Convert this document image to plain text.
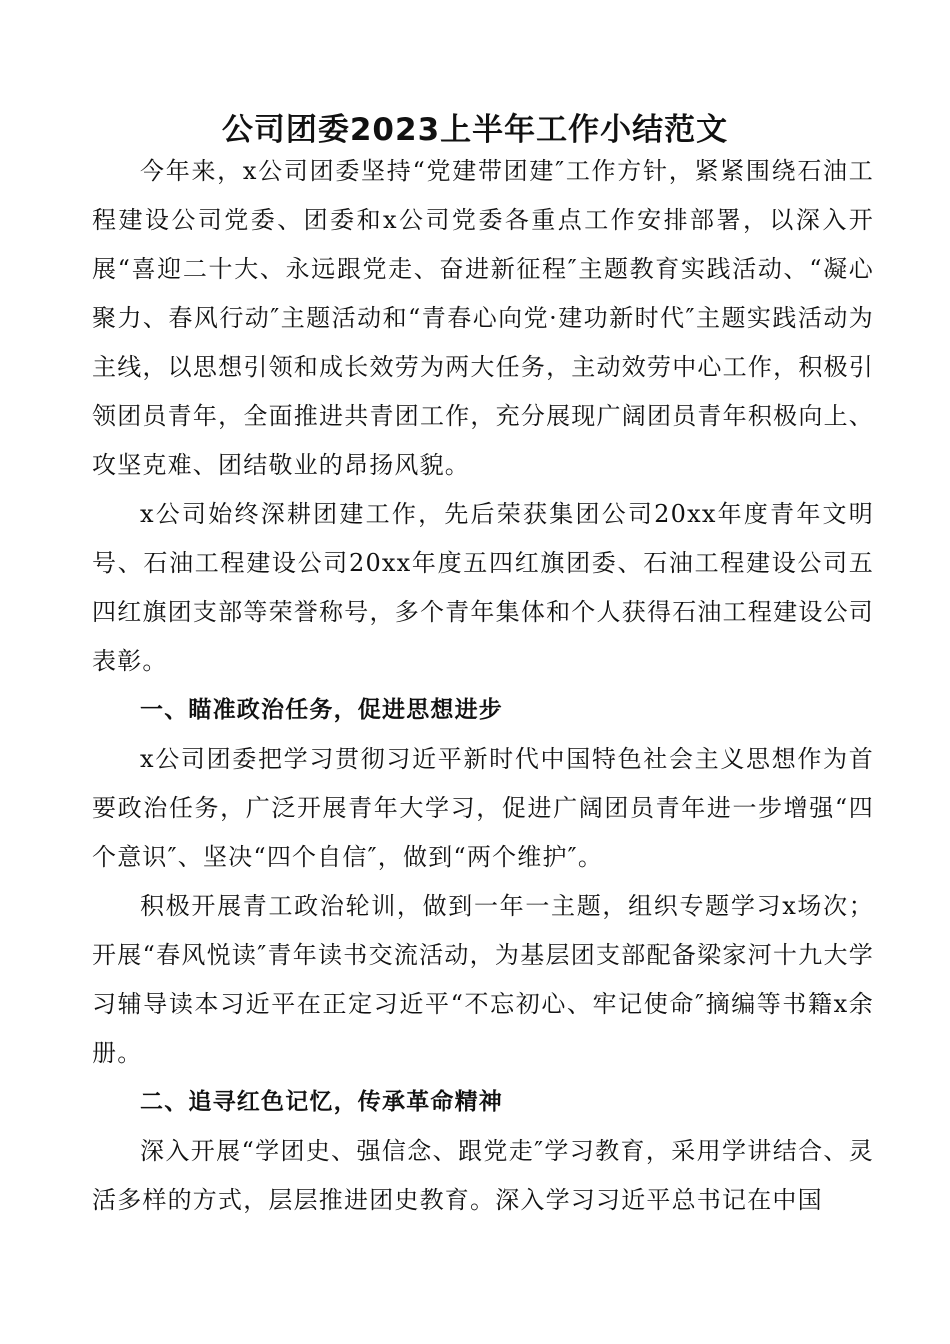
公司团委2023上半年工作小结范文

今年来，x公司团委坚持“党建带团建″工作方针，紧紧围绕石油工程建设公司党委、团委和x公司党委各重点工作安排部署，以深入开展“喜迎二十大、永远跟党走、奋进新征程″主题教育实践活动、“凝心聚力、春风行动″主题活动和“青春心向党·建功新时代″主题实践活动为主线，以思想引领和成长效劳为两大任务，主动效劳中心工作，积极引领团员青年，全面推进共青团工作，充分展现广阔团员青年积极向上、攻坚克难、团结敬业的昂扬风貌。

x公司始终深耕团建工作，先后荣获集团公司20xx年度青年文明号、石油工程建设公司20xx年度五四红旗团委、石油工程建设公司五四红旗团支部等荣誉称号，多个青年集体和个人获得石油工程建设公司表彰。

一、瞄准政治任务，促进思想进步

x公司团委把学习贯彻习近平新时代中国特色社会主义思想作为首要政治任务，广泛开展青年大学习，促进广阔团员青年进一步增强“四个意识″、坚决“四个自信″，做到“两个维护″。

积极开展青工政治轮训，做到一年一主题，组织专题学习x场次；开展“春风悦读″青年读书交流活动，为基层团支部配备梁家河十九大学习辅导读本习近平在正定习近平“不忘初心、牢记使命″摘编等书籍x余册。

二、追寻红色记忆，传承革命精神

深入开展“学团史、强信念、跟党走″学习教育，采用学讲结合、灵活多样的方式，层层推进团史教育。深入学习习近平总书记在中国
